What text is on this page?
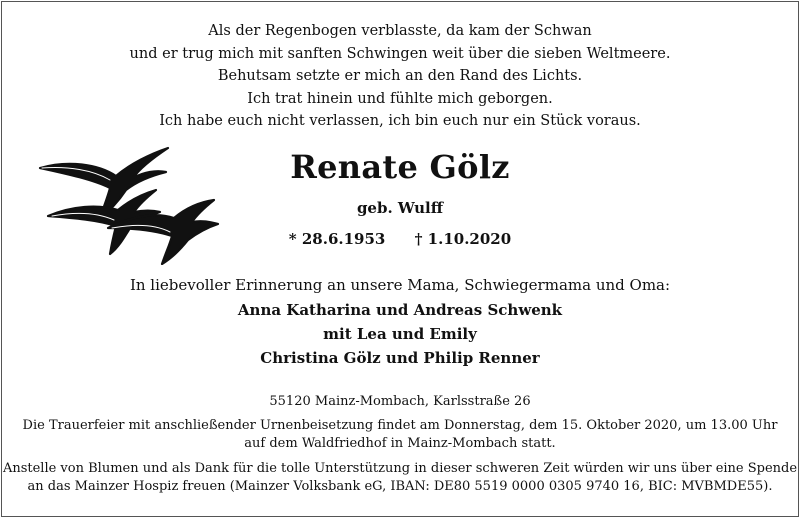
Als der Regenbogen verblasste, da kam der Schwan
und er trug mich mit sanften Schwingen weit über die sieben Weltmeere.
Behutsam setzte er mich an den Rand des Lichts.
Ich trat hinein und fühlte mich geborgen.
Ich habe euch nicht verlassen, ich bin euch nur ein Stück voraus.
Renate Gölz
geb. Wulff
* 28.6.1953 † 1.10.2020
In liebevoller Erinnerung an unsere Mama, Schwiegermama und Oma:
Anna Katharina und Andreas Schwenk
mit Lea und Emily
Christina Gölz und Philip Renner
55120 Mainz-Mombach, Karlsstraße 26
Die Trauerfeier mit anschließender Urnenbeisetzung findet am Donnerstag, dem 15. Oktober 2020, um 13.00 Uhr
auf dem Waldfriedhof in Mainz-Mombach statt.
Anstelle von Blumen und als Dank für die tolle Unterstützung in dieser schweren Zeit würden wir uns über eine Spende
an das Mainzer Hospiz freuen (Mainzer Volksbank eG, IBAN: DE80 5519 0000 0305 9740 16, BIC: MVBMDE55).
